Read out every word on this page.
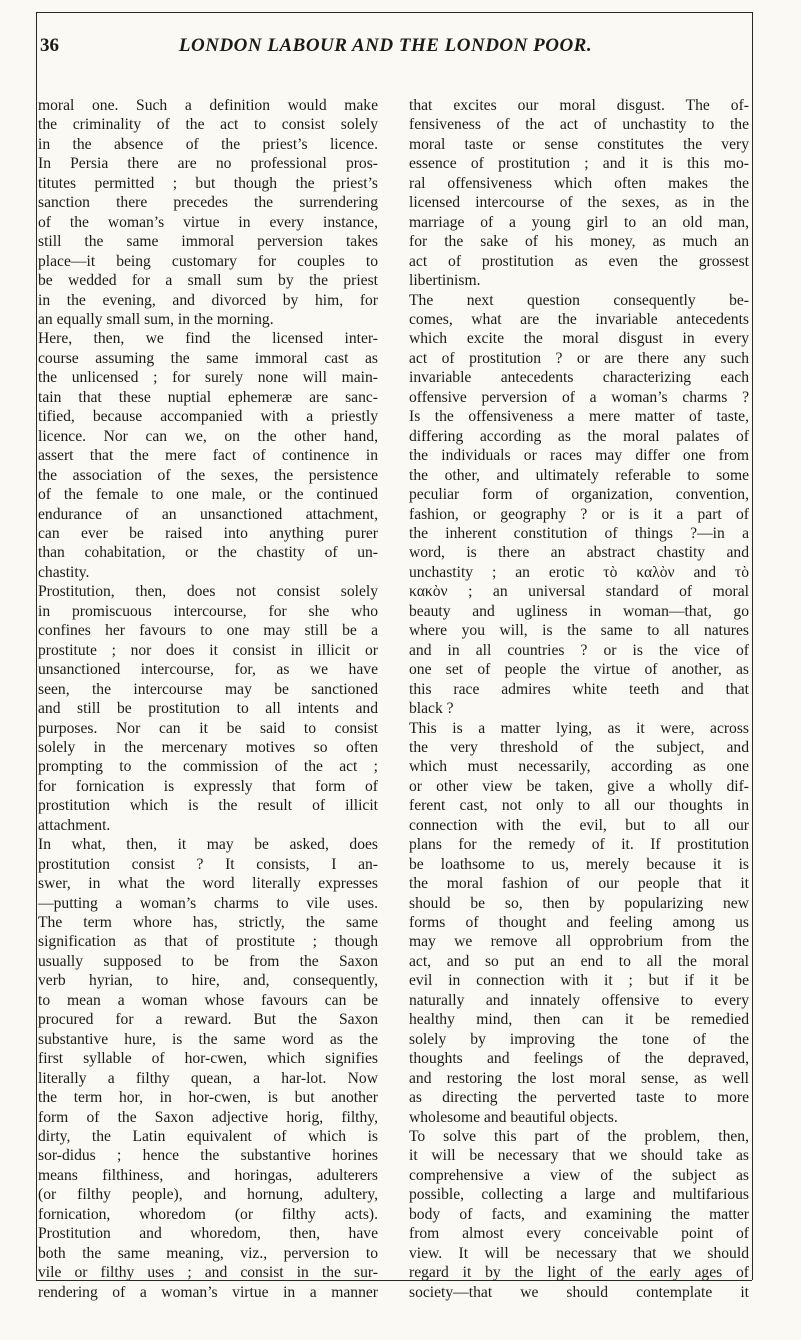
36	LONDON LABOUR AND THE LONDON POOR.
moral one. Such a definition would make
the criminality of the act to consist solely
in the absence of the priest’s licence.
In Persia there are no professional pros-
titutes permitted ; but though the priest’s
sanction there precedes the surrendering
of the woman’s virtue in every instance,
still the same immoral perversion takes
place—it being customary for couples to
be wedded for a small sum by the priest
in the evening, and divorced by him, for
an equally small sum, in the morning.
Here, then, we find the licensed inter-
course assuming the same immoral cast as
the unlicensed ; for surely none will main-
tain that these nuptial ephemeræ are sanc-
tified, because accompanied with a priestly
licence. Nor can we, on the other hand,
assert that the mere fact of continence in
the association of the sexes, the persistence
of the female to one male, or the continued
endurance of an unsanctioned attachment,
can ever be raised into anything purer
than cohabitation, or the chastity of un-
chastity.
Prostitution, then, does not consist solely
in promiscuous intercourse, for she who
confines her favours to one may still be a
prostitute ; nor does it consist in illicit or
unsanctioned intercourse, for, as we have
seen, the intercourse may be sanctioned
and still be prostitution to all intents and
purposes. Nor can it be said to consist
solely in the mercenary motives so often
prompting to the commission of the act ;
for fornication is expressly that form of
prostitution which is the result of illicit
attachment.
In what, then, it may be asked, does
prostitution consist ? It consists, I an-
swer, in what the word literally expresses
—putting a woman’s charms to vile uses.
The term whore has, strictly, the same
signification as that of prostitute ; though
usually supposed to be from the Saxon
verb hyrian, to hire, and, consequently,
to mean a woman whose favours can be
procured for a reward. But the Saxon
substantive hure, is the same word as the
first syllable of hor-cwen, which signifies
literally a filthy quean, a har-lot. Now
the term hor, in hor-cwen, is but another
form of the Saxon adjective horig, filthy,
dirty, the Latin equivalent of which is
sor-didus ; hence the substantive horines
means filthiness, and horingas, adulterers
(or filthy people), and hornung, adultery,
fornication, whoredom (or filthy acts).
Prostitution and whoredom, then, have
both the same meaning, viz., perversion to
vile or filthy uses ; and consist in the sur-
rendering of a woman’s virtue in a manner
that excites our moral disgust. The of-
fensiveness of the act of unchastity to the
moral taste or sense constitutes the very
essence of prostitution ; and it is this mo-
ral offensiveness which often makes the
licensed intercourse of the sexes, as in the
marriage of a young girl to an old man,
for the sake of his money, as much an
act of prostitution as even the grossest
libertinism.
The next question consequently be-
comes, what are the invariable antecedents
which excite the moral disgust in every
act of prostitution ? or are there any such
invariable antecedents characterizing each
offensive perversion of a woman’s charms ?
Is the offensiveness a mere matter of taste,
differing according as the moral palates of
the individuals or races may differ one from
the other, and ultimately referable to some
peculiar form of organization, convention,
fashion, or geography ? or is it a part of
the inherent constitution of things ?—in a
word, is there an abstract chastity and
unchastity ; an erotic τὸ καλὸν and τὸ
κακὸν ; an universal standard of moral
beauty and ugliness in woman—that, go
where you will, is the same to all natures
and in all countries ? or is the vice of
one set of people the virtue of another, as
this race admires white teeth and that
black ?
This is a matter lying, as it were, across
the very threshold of the subject, and
which must necessarily, according as one
or other view be taken, give a wholly dif-
ferent cast, not only to all our thoughts in
connection with the evil, but to all our
plans for the remedy of it. If prostitution
be loathsome to us, merely because it is
the moral fashion of our people that it
should be so, then by popularizing new
forms of thought and feeling among us
may we remove all opprobrium from the
act, and so put an end to all the moral
evil in connection with it ; but if it be
naturally and innately offensive to every
healthy mind, then can it be remedied
solely by improving the tone of the
thoughts and feelings of the depraved,
and restoring the lost moral sense, as well
as directing the perverted taste to more
wholesome and beautiful objects.
To solve this part of the problem, then,
it will be necessary that we should take as
comprehensive a view of the subject as
possible, collecting a large and multifarious
body of facts, and examining the matter
from almost every conceivable point of
view. It will be necessary that we should
regard it by the light of the early ages of
society—that we should contemplate it
